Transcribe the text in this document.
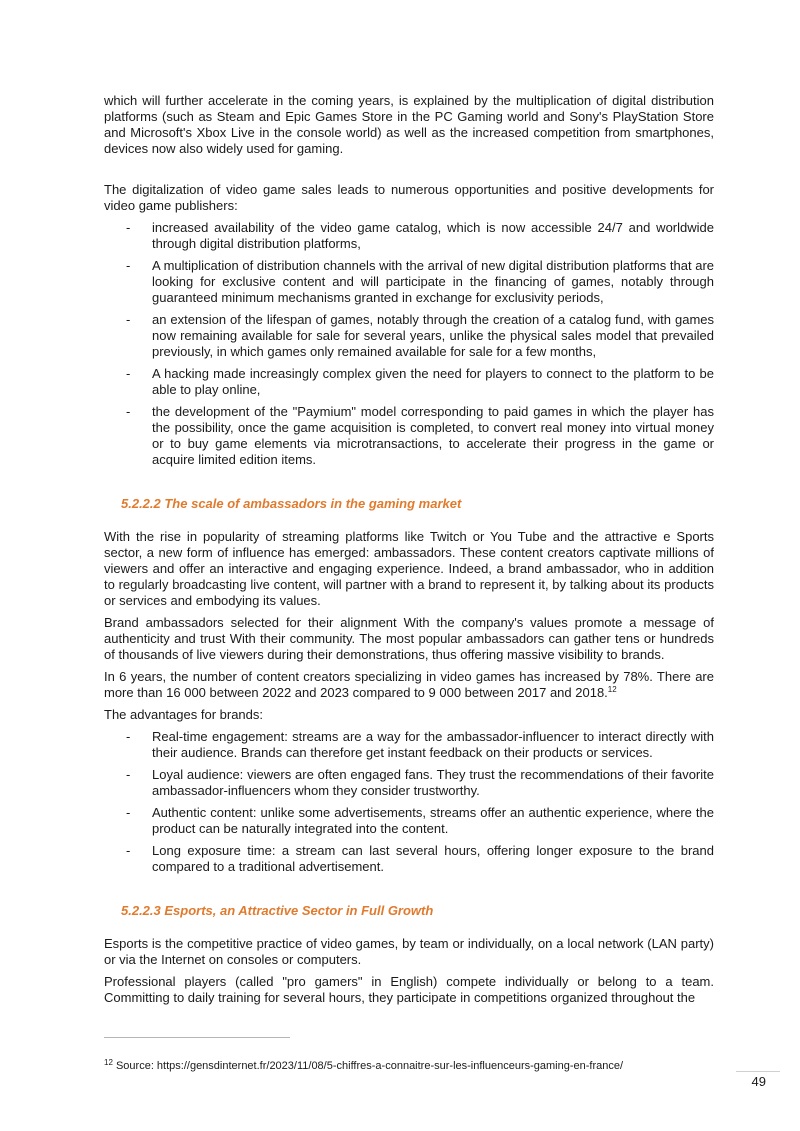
which will further accelerate in the coming years, is explained by the multiplication of digital distribution platforms (such as Steam and Epic Games Store in the PC Gaming world and Sony's PlayStation Store and Microsoft's Xbox Live in the console world) as well as the increased competition from smartphones, devices now also widely used for gaming.

The digitalization of video game sales leads to numerous opportunities and positive developments for video game publishers:

- increased availability of the video game catalog, which is now accessible 24/7 and worldwide through digital distribution platforms,
- A multiplication of distribution channels with the arrival of new digital distribution platforms that are looking for exclusive content and will participate in the financing of games, notably through guaranteed minimum mechanisms granted in exchange for exclusivity periods,
- an extension of the lifespan of games, notably through the creation of a catalog fund, with games now remaining available for sale for several years, unlike the physical sales model that prevailed previously, in which games only remained available for sale for a few months,
- A hacking made increasingly complex given the need for players to connect to the platform to be able to play online,
- the development of the "Paymium" model corresponding to paid games in which the player has the possibility, once the game acquisition is completed, to convert real money into virtual money or to buy game elements via microtransactions, to accelerate their progress in the game or acquire limited edition items.
5.2.2.2 The scale of ambassadors in the gaming market

With the rise in popularity of streaming platforms like Twitch or You Tube and the attractive e Sports sector, a new form of influence has emerged: ambassadors. These content creators captivate millions of viewers and offer an interactive and engaging experience. Indeed, a brand ambassador, who in addition to regularly broadcasting live content, will partner with a brand to represent it, by talking about its products or services and embodying its values.

Brand ambassadors selected for their alignment With the company's values promote a message of authenticity and trust With their community. The most popular ambassadors can gather tens or hundreds of thousands of live viewers during their demonstrations, thus offering massive visibility to brands.

In 6 years, the number of content creators specializing in video games has increased by 78%. There are more than 16 000 between 2022 and 2023 compared to 9 000 between 2017 and 2018.12

The advantages for brands:

- Real-time engagement: streams are a way for the ambassador-influencer to interact directly with their audience. Brands can therefore get instant feedback on their products or services.
- Loyal audience: viewers are often engaged fans. They trust the recommendations of their favorite ambassador-influencers whom they consider trustworthy.
- Authentic content: unlike some advertisements, streams offer an authentic experience, where the product can be naturally integrated into the content.
- Long exposure time: a stream can last several hours, offering longer exposure to the brand compared to a traditional advertisement.
5.2.2.3 Esports, an Attractive Sector in Full Growth

Esports is the competitive practice of video games, by team or individually, on a local network (LAN party) or via the Internet on consoles or computers.

Professional players (called "pro gamers" in English) compete individually or belong to a team. Committing to daily training for several hours, they participate in competitions organized throughout the

$^{12}$ Source: https://gensdinternet.fr/2023/11/08/5-chiffres-a-connaitre-sur-les-influenceurs-gaming-en-france/
49
